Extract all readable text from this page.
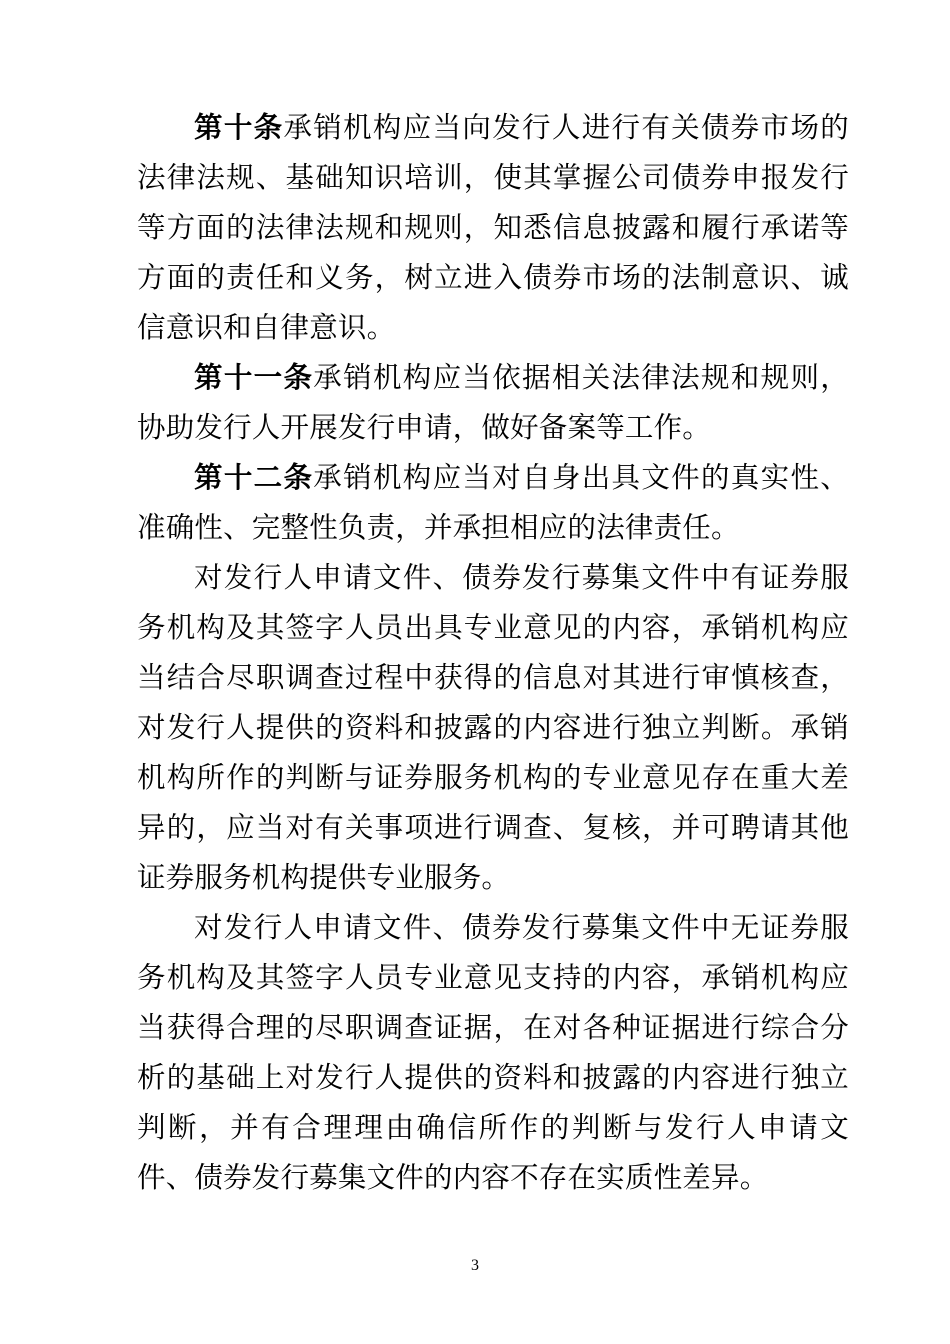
第十条承销机构应当向发行人进行有关债券市场的法律法规、基础知识培训，使其掌握公司债券申报发行等方面的法律法规和规则，知悉信息披露和履行承诺等方面的责任和义务，树立进入债券市场的法制意识、诚信意识和自律意识。

第十一条承销机构应当依据相关法律法规和规则，协助发行人开展发行申请，做好备案等工作。

第十二条承销机构应当对自身出具文件的真实性、准确性、完整性负责，并承担相应的法律责任。

对发行人申请文件、债券发行募集文件中有证券服务机构及其签字人员出具专业意见的内容，承销机构应当结合尽职调查过程中获得的信息对其进行审慎核查，对发行人提供的资料和披露的内容进行独立判断。承销机构所作的判断与证券服务机构的专业意见存在重大差异的，应当对有关事项进行调查、复核，并可聘请其他证券服务机构提供专业服务。

对发行人申请文件、债券发行募集文件中无证券服务机构及其签字人员专业意见支持的内容，承销机构应当获得合理的尽职调查证据，在对各种证据进行综合分析的基础上对发行人提供的资料和披露的内容进行独立判断，并有合理理由确信所作的判断与发行人申请文件、债券发行募集文件的内容不存在实质性差异。

3
